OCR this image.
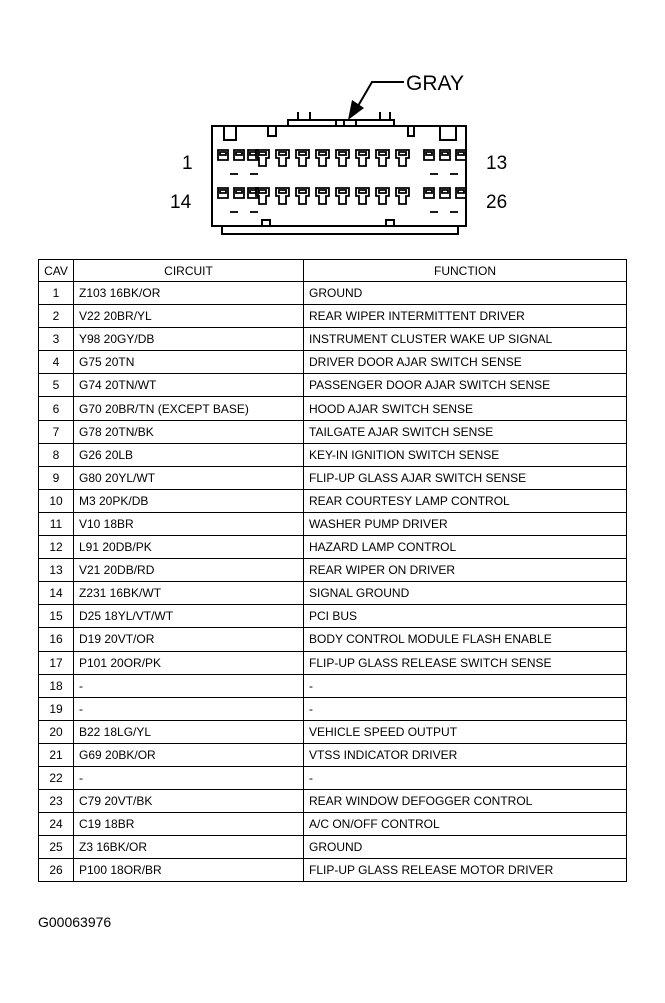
GRAY
1	13
14	26
CAV	CIRCUIT	FUNCTION
1	Z103 16BK/OR	GROUND
2	V22 20BR/YL	REAR WIPER INTERMITTENT DRIVER
3	Y98 20GY/DB	INSTRUMENT CLUSTER WAKE UP SIGNAL
4	G75 20TN	DRIVER DOOR AJAR SWITCH SENSE
5	G74 20TN/WT	PASSENGER DOOR AJAR SWITCH SENSE
6	G70 20BR/TN (EXCEPT BASE)	HOOD AJAR SWITCH SENSE
7	G78 20TN/BK	TAILGATE AJAR SWITCH SENSE
8	G26 20LB	KEY-IN IGNITION SWITCH SENSE
9	G80 20YL/WT	FLIP-UP GLASS AJAR SWITCH SENSE
10	M3 20PK/DB	REAR COURTESY LAMP CONTROL
11	V10 18BR	WASHER PUMP DRIVER
12	L91 20DB/PK	HAZARD LAMP CONTROL
13	V21 20DB/RD	REAR WIPER ON DRIVER
14	Z231 16BK/WT	SIGNAL GROUND
15	D25 18YL/VT/WT	PCI BUS
16	D19 20VT/OR	BODY CONTROL MODULE FLASH ENABLE
17	P101 20OR/PK	FLIP-UP GLASS RELEASE SWITCH SENSE
18	-	-
19	-	-
20	B22 18LG/YL	VEHICLE SPEED OUTPUT
21	G69 20BK/OR	VTSS INDICATOR DRIVER
22	-	-
23	C79 20VT/BK	REAR WINDOW DEFOGGER CONTROL
24	C19 18BR	A/C ON/OFF CONTROL
25	Z3 16BK/OR	GROUND
26	P100 18OR/BR	FLIP-UP GLASS RELEASE MOTOR DRIVER
G00063976
